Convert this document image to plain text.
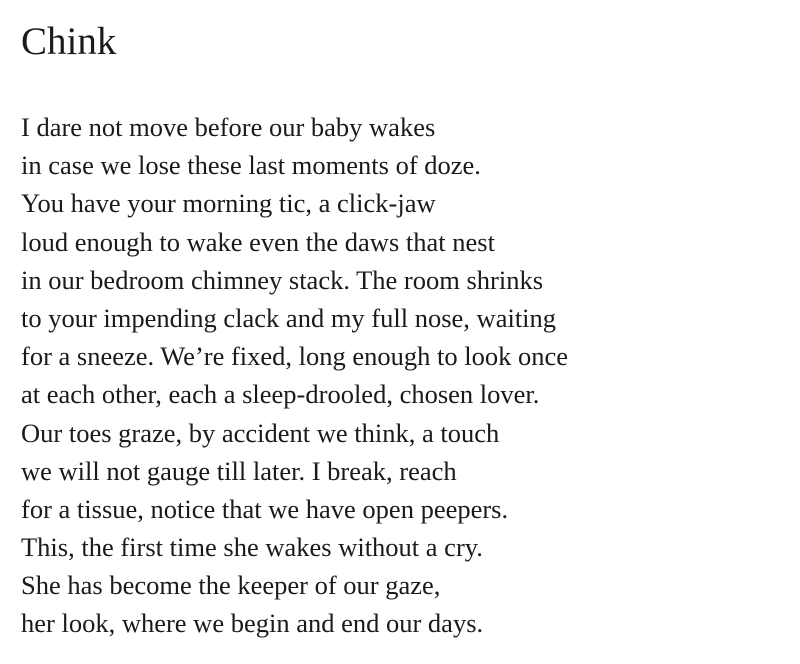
Chink
I dare not move before our baby wakes
in case we lose these last moments of doze.
You have your morning tic, a click-jaw
loud enough to wake even the daws that nest
in our bedroom chimney stack. The room shrinks
to your impending clack and my full nose, waiting
for a sneeze. We’re fixed, long enough to look once
at each other, each a sleep-drooled, chosen lover.
Our toes graze, by accident we think, a touch
we will not gauge till later. I break, reach
for a tissue, notice that we have open peepers.
This, the first time she wakes without a cry.
She has become the keeper of our gaze,
her look, where we begin and end our days.
